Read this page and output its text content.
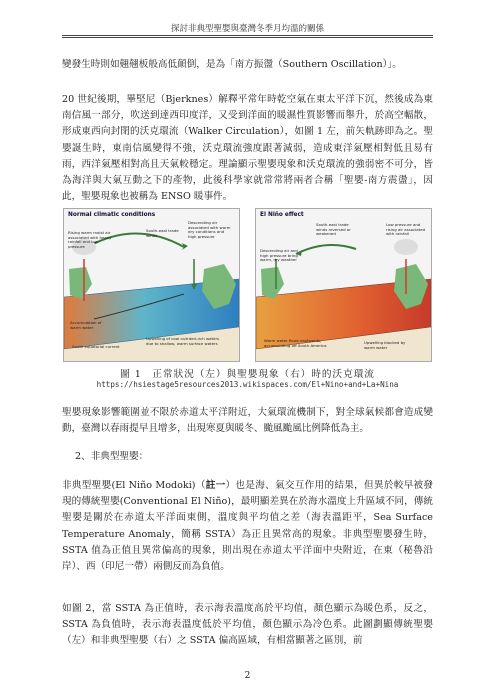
探討非典型聖嬰與臺灣冬季月均溫的關係

變發生時則如翹翹板般高低顛倒，是為「南方振盪（Southern Oscillation）」。

20 世紀後期，畢堅尼（Bjerknes）解釋平常年時乾空氣在東太平洋下沉，然後成為東南信風一部分，吹送到達西印度洋，又受到洋面的暖濕性質影響而舉升，於高空輻散，形成東西向封閉的沃克環流（Walker Circulation），如圖 1 左，前矢軌跡即為之。聖嬰誕生時，東南信風變得不強，沃克環流強度跟著減弱，造成東洋氣壓相對低且易有雨，西洋氣壓相對高且天氣較穩定。理論顯示聖嬰現象和沃克環流的強弱密不可分，皆為海洋與大氣互動之下的產物，此後科學家就常常將兩者合稱「聖嬰-南方震盪」，因此，聖嬰現象也被稱為 ENSO 暖事件。

Normal climatic conditions
Rising warm moist air associated with heavy rainfall and low pressure
South-east trade winds
Descending air associated with warm dry conditions and high pressure
Accumulation of warm water
South equatorial current
Upwelling of cool nutrient-rich waters due to shallow, warm surface waters
El Niño effect
South-east trade winds reversed or weakened
Low pressure and rising air associated with rainfall
Descending air and high pressure bring warm, dry weather
Warm water flows eastwards, accumulating off South America
Upwelling blocked by warm water
圖 1　正常狀況（左）與聖嬰現象（右）時的沃克環流
https://hsiestage5resources2013.wikispaces.com/El+Nino+and+La+Nina

聖嬰現象影響範圍並不限於赤道太平洋附近，大氣環流機制下，對全球氣候都會造成變動，臺灣以春雨提早且增多，出現寒夏與暖冬、颱風颱風比例降低為主。

2、非典型聖嬰：

非典型聖嬰(El Niño Modoki)（註一）也是海、氣交互作用的結果，但異於較早被發現的傳統聖嬰(Conventional El Niño)，最明顯差異在於海水溫度上升區域不同，傳統聖嬰是關於在赤道太平洋面東側，溫度與平均值之差（海表溫距平，Sea Surface Temperature Anomaly，簡稱 SSTA）為正且異常高的現象。非典型聖嬰發生時，SSTA 值為正值且異常偏高的現象，則出現在赤道太平洋面中央附近，在東（秘魯沿岸）、西（印尼一帶）兩側反而為負值。

如圖 2，當 SSTA 為正值時，表示海表溫度高於平均值，顏色顯示為暖色系，反之，SSTA 為負值時，表示海表溫度低於平均值，顏色顯示為冷色系。此圖劃顯傳統聖嬰（左）和非典型聖嬰（右）之 SSTA 偏高區域，有相當顯著之區別，前

2
